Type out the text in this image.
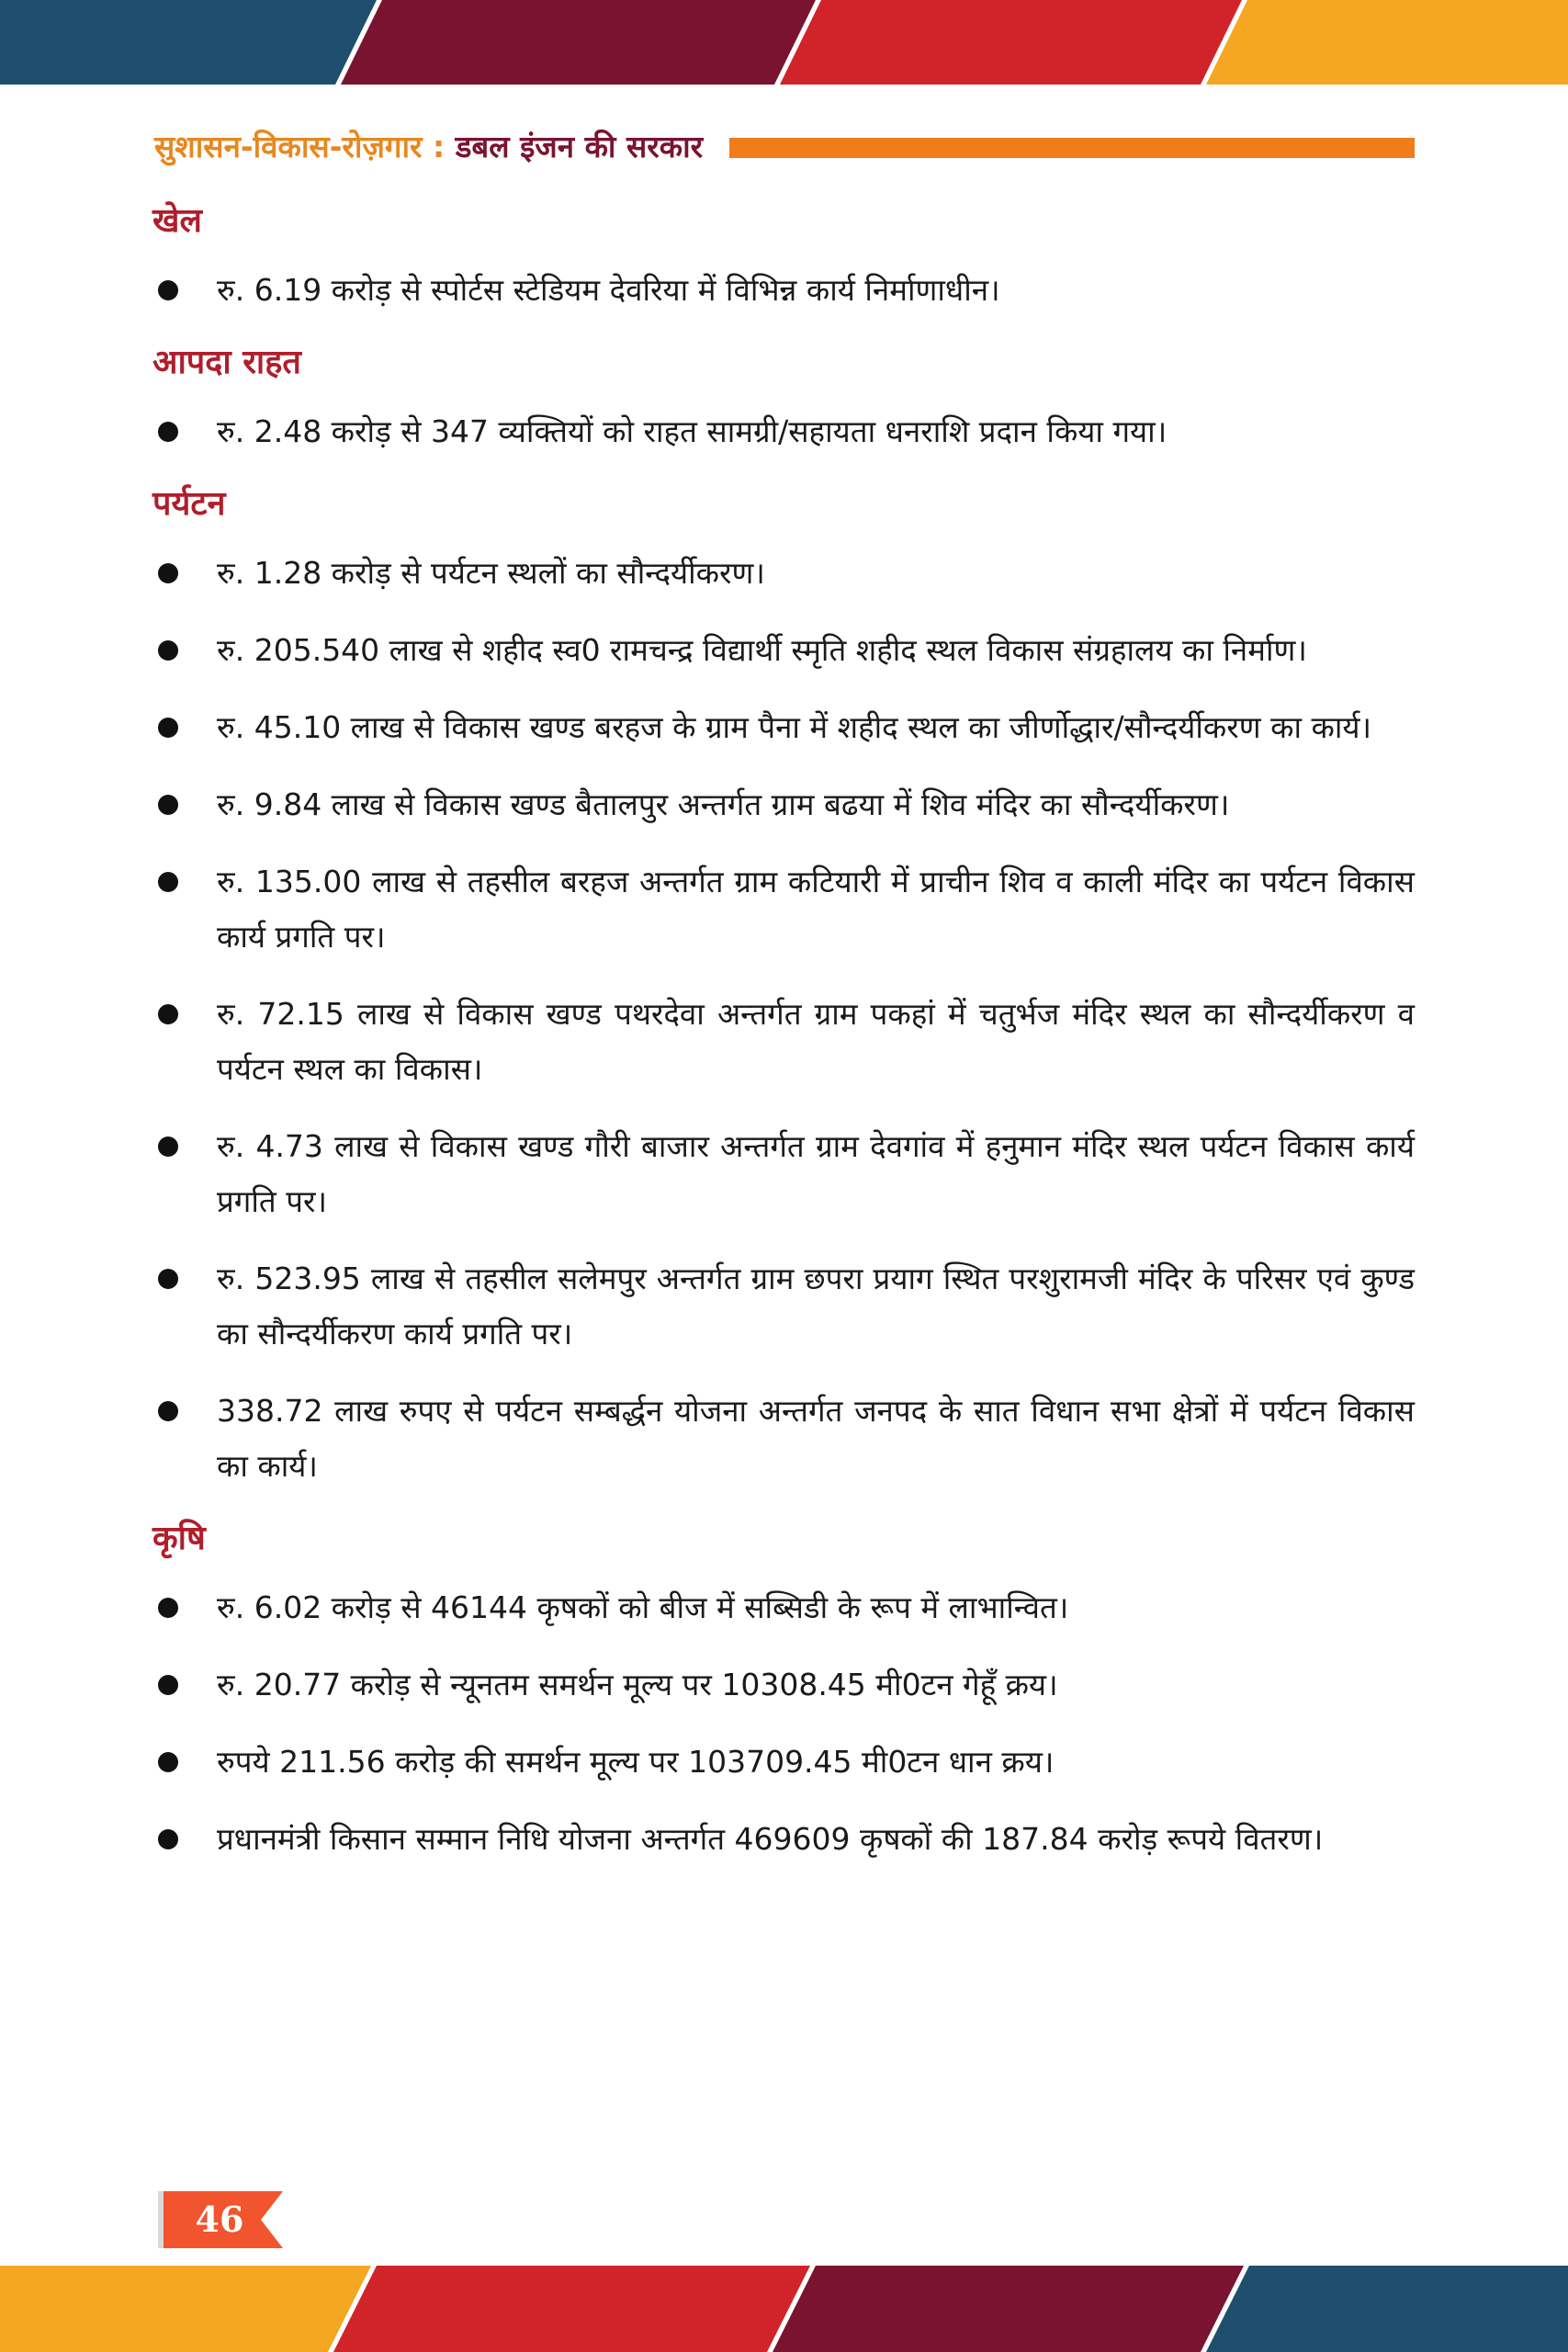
सुशासन-विकास-रोज़गार : डबल इंजन की सरकार
खेल
रु. 6.19 करोड़ से स्पोर्टस स्टेडियम देवरिया में विभिन्न कार्य निर्माणाधीन।
आपदा राहत
रु. 2.48 करोड़ से 347 व्यक्तियों को राहत सामग्री/सहायता धनराशि प्रदान किया गया।
पर्यटन
रु. 1.28 करोड़ से पर्यटन स्थलों का सौन्दर्यीकरण।
रु. 205.540 लाख से शहीद स्व0 रामचन्द्र विद्यार्थी स्मृति शहीद स्थल विकास संग्रहालय का निर्माण।
रु. 45.10 लाख से विकास खण्ड बरहज के ग्राम पैना में शहीद स्थल का जीर्णोद्धार/सौन्दर्यीकरण का कार्य।
रु. 9.84 लाख से विकास खण्ड बैतालपुर अन्तर्गत ग्राम बढया में शिव मंदिर का सौन्दर्यीकरण।
रु. 135.00 लाख से तहसील बरहज अन्तर्गत ग्राम कटियारी में प्राचीन शिव व काली मंदिर का पर्यटन विकास कार्य प्रगति पर।
रु. 72.15 लाख से विकास खण्ड पथरदेवा अन्तर्गत ग्राम पकहां में चतुर्भज मंदिर स्थल का सौन्दर्यीकरण व पर्यटन स्थल का विकास।
रु. 4.73 लाख से विकास खण्ड गौरी बाजार अन्तर्गत ग्राम देवगांव में हनुमान मंदिर स्थल पर्यटन विकास कार्य प्रगति पर।
रु. 523.95 लाख से तहसील सलेमपुर अन्तर्गत ग्राम छपरा प्रयाग स्थित परशुरामजी मंदिर के परिसर एवं कुण्ड का सौन्दर्यीकरण कार्य प्रगति पर।
338.72 लाख रुपए से पर्यटन सम्बर्द्धन योजना अन्तर्गत जनपद के सात विधान सभा क्षेत्रों में पर्यटन विकास का कार्य।
कृषि
रु. 6.02 करोड़ से 46144 कृषकों को बीज में सब्सिडी के रूप में लाभान्वित।
रु. 20.77 करोड़ से न्यूनतम समर्थन मूल्य पर 10308.45 मी0टन गेहूँ क्रय।
रुपये 211.56 करोड़ की समर्थन मूल्य पर 103709.45 मी0टन धान क्रय।
प्रधानमंत्री किसान सम्मान निधि योजना अन्तर्गत 469609 कृषकों की 187.84 करोड़ रूपये वितरण।
46
